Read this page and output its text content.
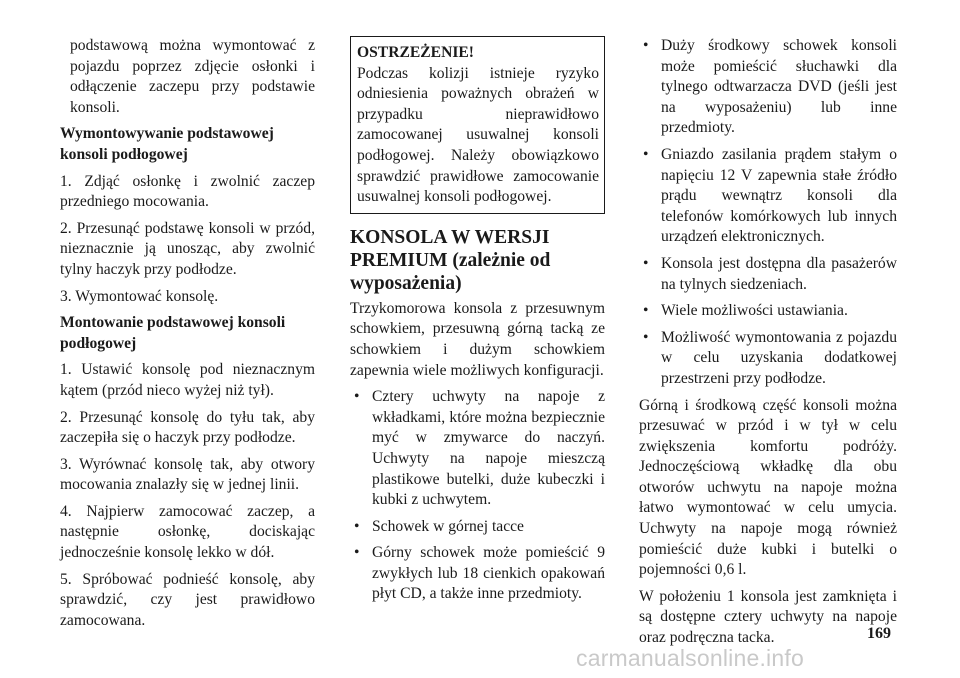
podstawową można wymontować z pojazdu poprzez zdjęcie osłonki i odłączenie zaczepu przy podstawie konsoli.

Wymontowywanie podstawowej konsoli podłogowej

1. Zdjąć osłonkę i zwolnić zaczep przedniego mocowania.

2. Przesunąć podstawę konsoli w przód, nieznacznie ją unosząc, aby zwolnić tylny haczyk przy podłodze.

3. Wymontować konsolę.

Montowanie podstawowej konsoli podłogowej

1. Ustawić konsolę pod nieznacznym kątem (przód nieco wyżej niż tył).

2. Przesunąć konsolę do tyłu tak, aby zaczepiła się o haczyk przy podłodze.

3. Wyrównać konsolę tak, aby otwory mocowania znalazły się w jednej linii.

4. Najpierw zamocować zaczep, a następnie osłonkę, dociskając jednocześnie konsolę lekko w dół.

5. Spróbować podnieść konsolę, aby sprawdzić, czy jest prawidłowo zamocowana.

OSTRZEŻENIE!

Podczas kolizji istnieje ryzyko odniesienia poważnych obrażeń w przypadku nieprawidłowo zamocowanej usuwalnej konsoli podłogowej. Należy obowiązkowo sprawdzić prawidłowe zamocowanie usuwalnej konsoli podłogowej.

KONSOLA W WERSJI PREMIUM (zależnie od wyposażenia)

Trzykomorowa konsola z przesuwnym schowkiem, przesuwną górną tacką ze schowkiem i dużym schowkiem zapewnia wiele możliwych konfiguracji.

• Cztery uchwyty na napoje z wkładkami, które można bezpiecznie myć w zmywarce do naczyń. Uchwyty na napoje mieszczą plastikowe butelki, duże kubeczki i kubki z uchwytem.
• Schowek w górnej tacce
• Górny schowek może pomieścić 9 zwykłych lub 18 cienkich opakowań płyt CD, a także inne przedmioty.
• Duży środkowy schowek konsoli może pomieścić słuchawki dla tylnego odtwarzacza DVD (jeśli jest na wyposażeniu) lub inne przedmioty.
• Gniazdo zasilania prądem stałym o napięciu 12 V zapewnia stałe źródło prądu wewnątrz konsoli dla telefonów komórkowych lub innych urządzeń elektronicznych.
• Konsola jest dostępna dla pasażerów na tylnych siedzeniach.
• Wiele możliwości ustawiania.
• Możliwość wymontowania z pojazdu w celu uzyskania dodatkowej przestrzeni przy podłodze.

Górną i środkową część konsoli można przesuwać w przód i w tył w celu zwiększenia komfortu podróży. Jednoczęściową wkładkę dla obu otworów uchwytu na napoje można łatwo wymontować w celu umycia. Uchwyty na napoje mogą również pomieścić duże kubki i butelki o pojemności 0,6 l.

W położeniu 1 konsola jest zamknięta i są dostępne cztery uchwyty na napoje oraz podręczna tacka.	169
carmanualsonline.info
